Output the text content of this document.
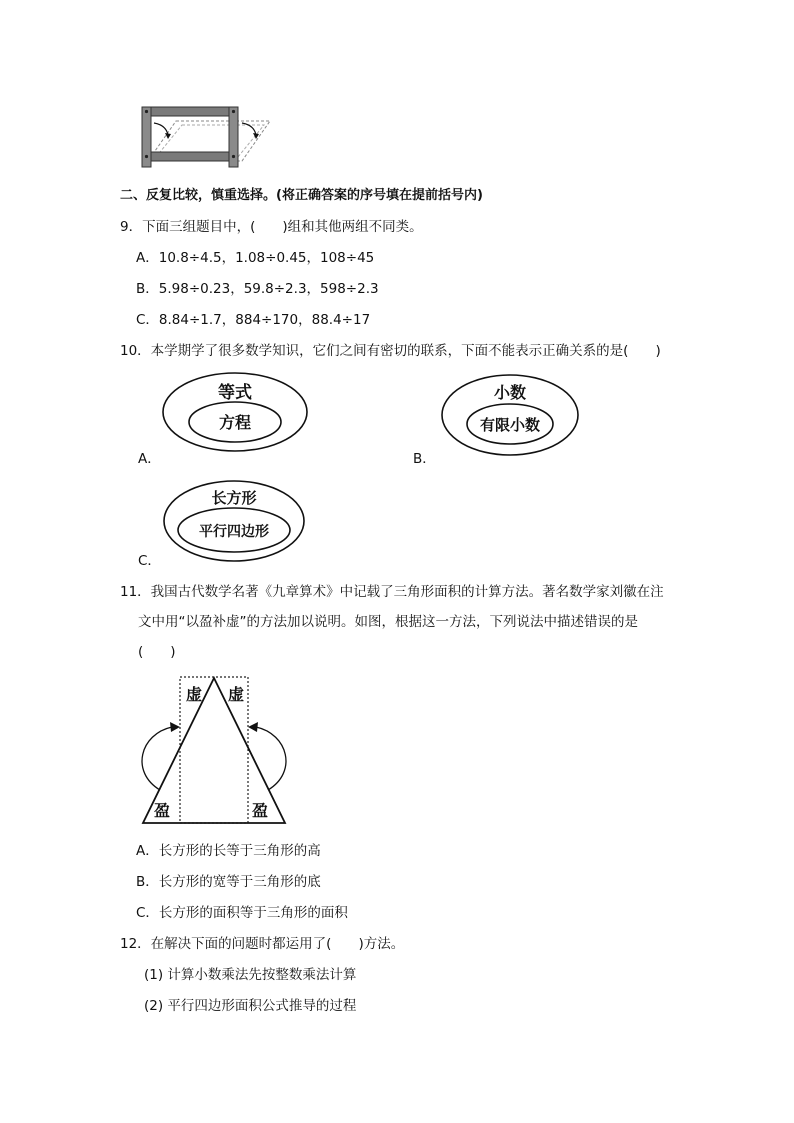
二、反复比较，慎重选择。(将正确答案的序号填在提前括号内)
9．下面三组题目中，(　　)组和其他两组不同类。
A．10.8÷4.5，1.08÷0.45，108÷45
B．5.98÷0.23，59.8÷2.3，598÷2.3
C．8.84÷1.7，884÷170，88.4÷17
10．本学期学了很多数学知识，它们之间有密切的联系，下面不能表示正确关系的是(　　)
等式
方程
A．
小数
有限小数
B．
长方形
平行四边形
C．
11．我国古代数学名著《九章算术》中记载了三角形面积的计算方法。著名数学家刘徽在注
文中用“以盈补虚”的方法加以说明。如图，根据这一方法，下列说法中描述错误的是
(　　)
虚 虚
盈	盈
A．长方形的长等于三角形的高
B．长方形的宽等于三角形的底
C．长方形的面积等于三角形的面积
12．在解决下面的问题时都运用了(　　)方法。
(1) 计算小数乘法先按整数乘法计算
(2) 平行四边形面积公式推导的过程
